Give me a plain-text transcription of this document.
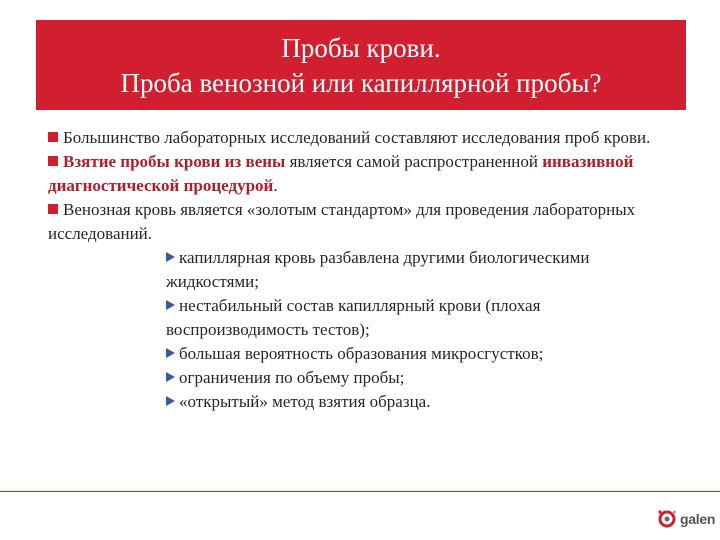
Пробы крови.
Проба венозной или капиллярной пробы?

Большинство лабораторных исследований составляют исследования проб крови.

Взятие пробы крови из вены является самой распространенной инвазивной диагностической процедурой.

Венозная кровь является «золотым стандартом» для проведения лабораторных исследований.

капиллярная кровь разбавлена другими биологическими жидкостями;

нестабильный состав капиллярный крови (плохая воспроизводимость тестов);

большая вероятность образования микросгустков;

ограничения по объему пробы;

«открытый» метод взятия образца.

galen
